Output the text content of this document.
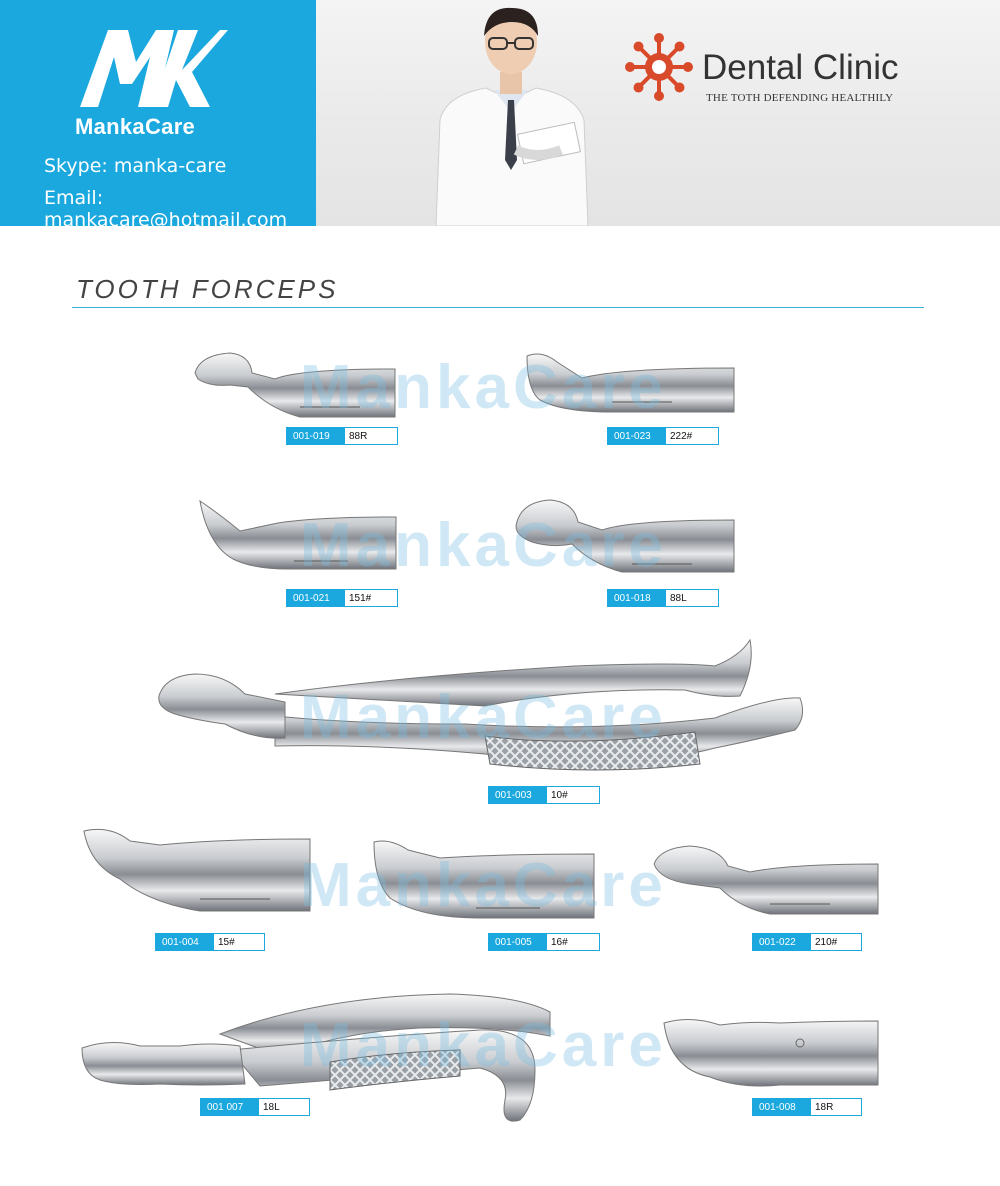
MankaCare
Skype: manka-care
Email: mankacare@hotmail.com
Dental Clinic
THE TOTH DEFENDING HEALTHILY
TOOTH FORCEPS
001-019	88R	001-023	222#
001-021	151#	001-018	88L
001-003	10#
001-004	15#	001-005	16#	001-022	210#
001 007	18L	001-008	18R
MankaCare
MankaCare
MankaCare
MankaCare
MankaCare
